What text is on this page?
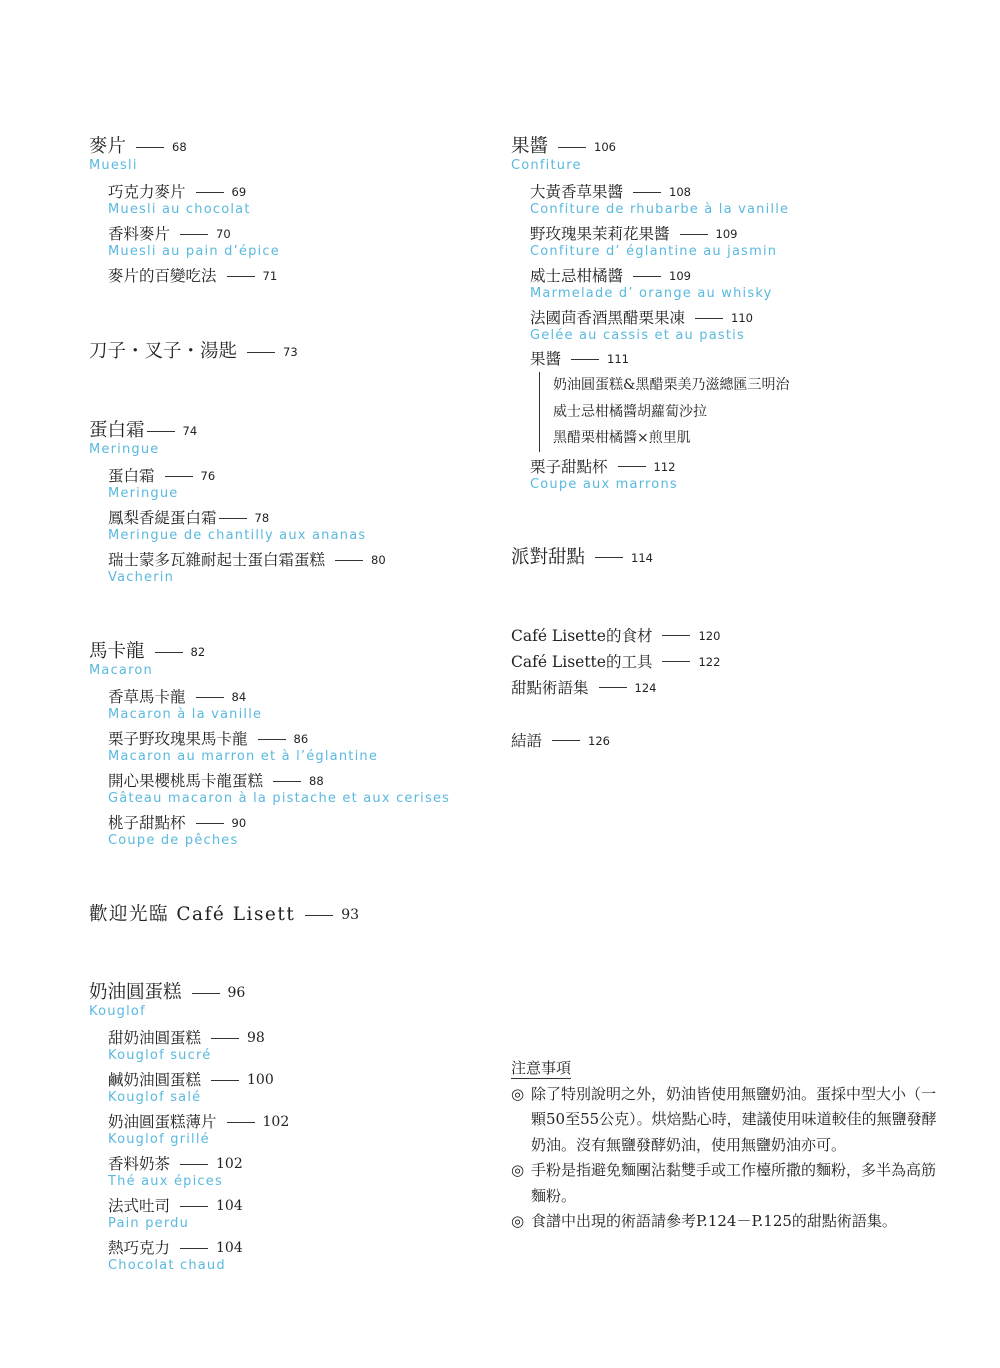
麥片	68
Muesli
巧克力麥片	69
Muesli au chocolat
香料麥片	70
Muesli au pain d’épice
麥片的百變吃法	71
刀子・叉子・湯匙	73
蛋白霜	74
Meringue
蛋白霜	76
Meringue
鳳梨香緹蛋白霜	78
Meringue de chantilly aux ananas
瑞士蒙多瓦雜耐起士蛋白霜蛋糕	80
Vacherin
馬卡龍	82
Macaron
香草馬卡龍	84
Macaron à la vanille
栗子野玫瑰果馬卡龍	86
Macaron au marron et à l’églantine
開心果櫻桃馬卡龍蛋糕	88
Gâteau macaron à la pistache et aux cerises
桃子甜點杯	90
Coupe de pêches
歡迎光臨 Café Lisett	93
奶油圓蛋糕	96
Kouglof
甜奶油圓蛋糕	98
Kouglof sucré
鹹奶油圓蛋糕	100
Kouglof salé
奶油圓蛋糕薄片	102
Kouglof grillé
香料奶茶	102
Thé aux épices
法式吐司	104
Pain perdu
熱巧克力	104
Chocolat chaud
果醬	106
Confiture
大黃香草果醬	108
Confiture de rhubarbe à la vanille
野玫瑰果茉莉花果醬	109
Confiture d’ églantine au jasmin
威士忌柑橘醬	109
Marmelade d’ orange au whisky
法國茴香酒黑醋栗果凍	110
Gelée au cassis et au pastis
果醬	111
奶油圓蛋糕&黑醋栗美乃滋總匯三明治
威士忌柑橘醬胡蘿蔔沙拉
黑醋栗柑橘醬×煎里肌
栗子甜點杯	112
Coupe aux marrons
派對甜點	114
Café Lisette的食材	120
Café Lisette的工具	122
甜點術語集	124
結語	126
注意事項
◎ 除了特別說明之外，奶油皆使用無鹽奶油。蛋採中型大小（一顆50至55公克）。烘焙點心時，建議使用味道較佳的無鹽發酵奶油。沒有無鹽發酵奶油，使用無鹽奶油亦可。
◎ 手粉是指避免麵團沾黏雙手或工作檯所撒的麵粉，多半為高筋麵粉。
◎ 食譜中出現的術語請參考P.124－P.125的甜點術語集。
